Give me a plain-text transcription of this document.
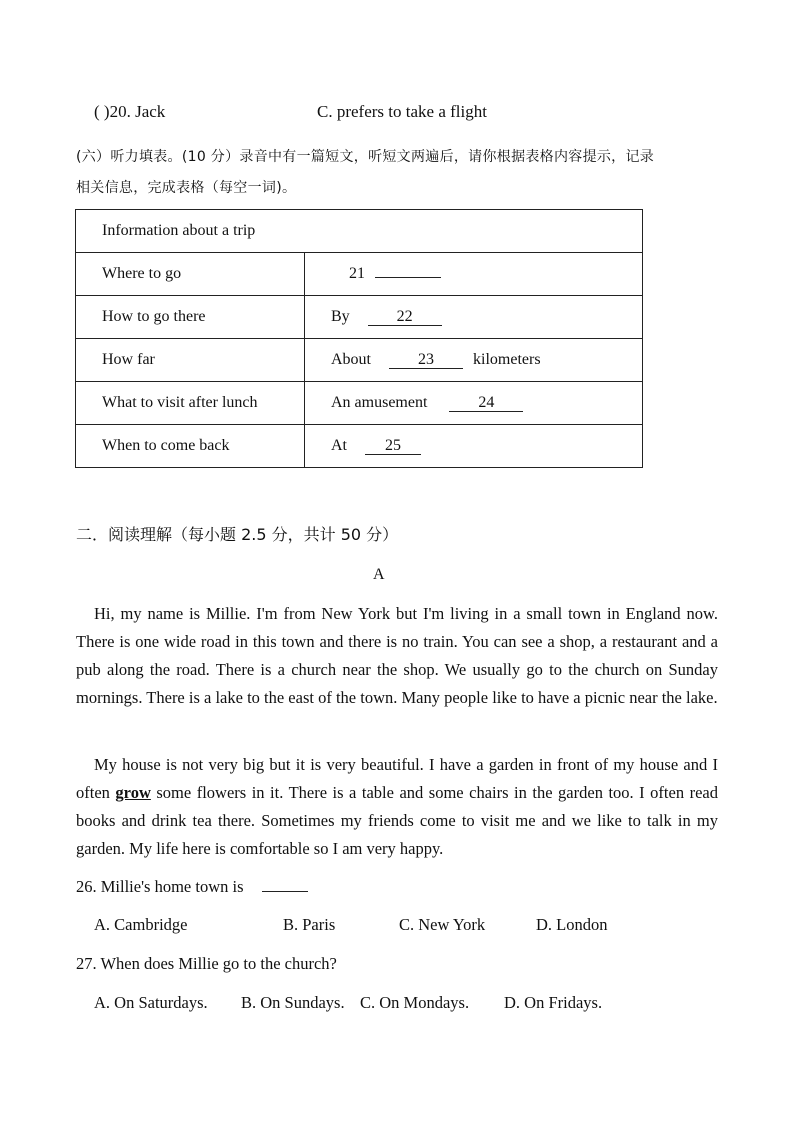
( )20. Jack	C. prefers to take a flight
(六）听力填表。(10 分）录音中有一篇短文，听短文两遍后，请你根据表格内容提示，记录
相关信息，完成表格（每空一词)。
Information about a trip	
Where to go	21
How to go there	By 22
How far	About 23 kilometers
What to visit after lunch	An amusement 24
When to come back	At 25
二．阅读理解（每小题 2.5 分，共计 50 分）
A

Hi, my name is Millie. I'm from New York but I'm living in a small town in England now. There is one wide road in this town and there is no train. You can see a shop, a restaurant and a pub along the road. There is a church near the shop. We usually go to the church on Sunday mornings. There is a lake to the east of the town. Many people like to have a picnic near the lake.

My house is not very big but it is very beautiful. I have a garden in front of my house and I often grow some flowers in it. There is a table and some chairs in the garden too. I often read books and drink tea there. Sometimes my friends come to visit me and we like to talk in my garden. My life here is comfortable so I am very happy.

26. Millie's home town is
A. Cambridge	B. Paris	C. New York	D. London
27. When does Millie go to the church?
A. On Saturdays. B. On Sundays. C. On Mondays. D. On Fridays.
